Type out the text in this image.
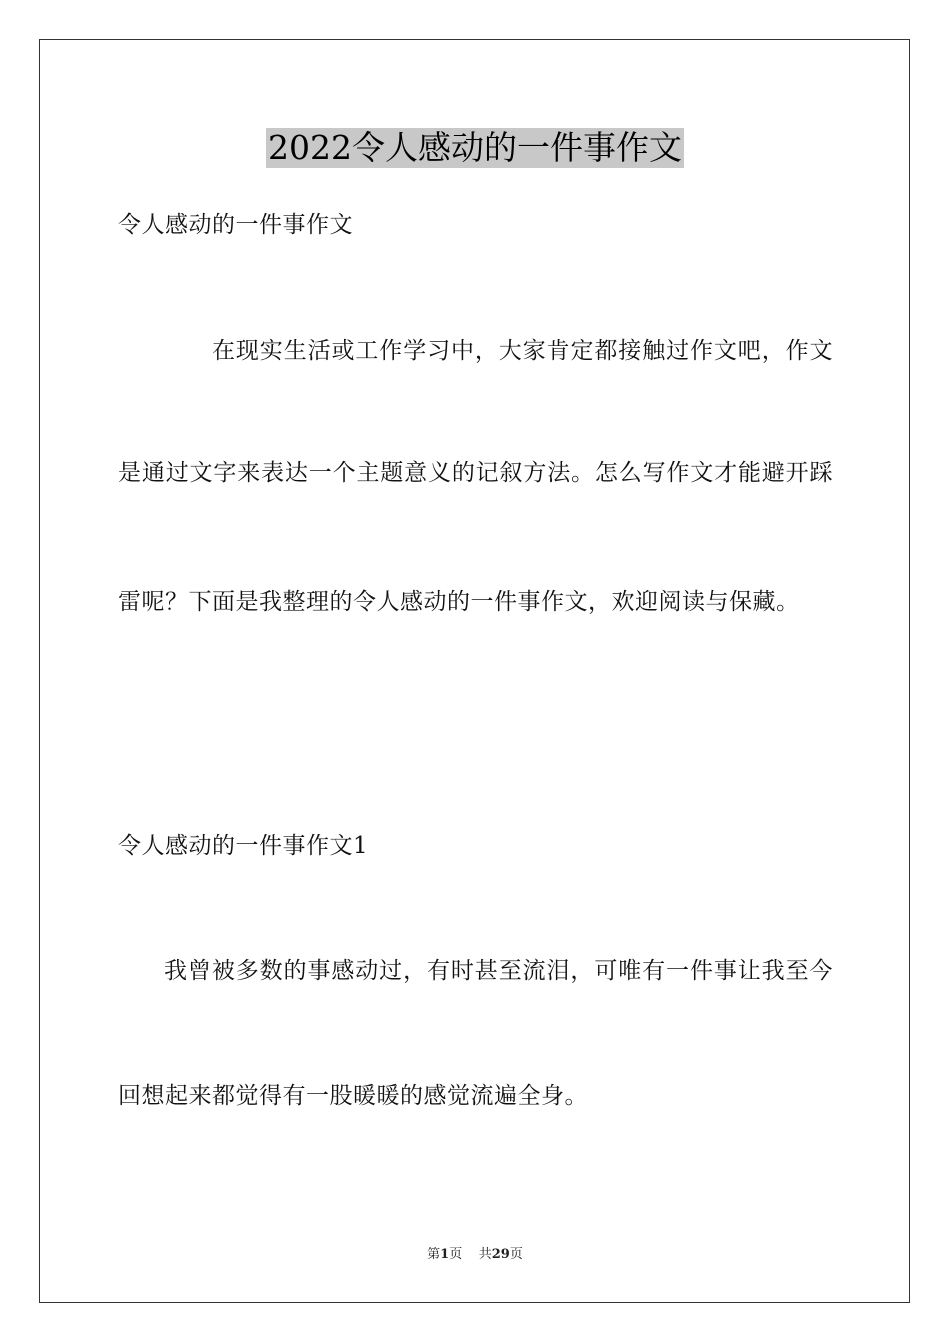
2022令人感动的一件事作文
令人感动的一件事作文
在现实生活或工作学习中，大家肯定都接触过作文吧，作文
是通过文字来表达一个主题意义的记叙方法。怎么写作文才能避开踩
雷呢？下面是我整理的令人感动的一件事作文，欢迎阅读与保藏。
令人感动的一件事作文1
我曾被多数的事感动过，有时甚至流泪，可唯有一件事让我至今
回想起来都觉得有一股暖暖的感觉流遍全身。
第1页 共29页
